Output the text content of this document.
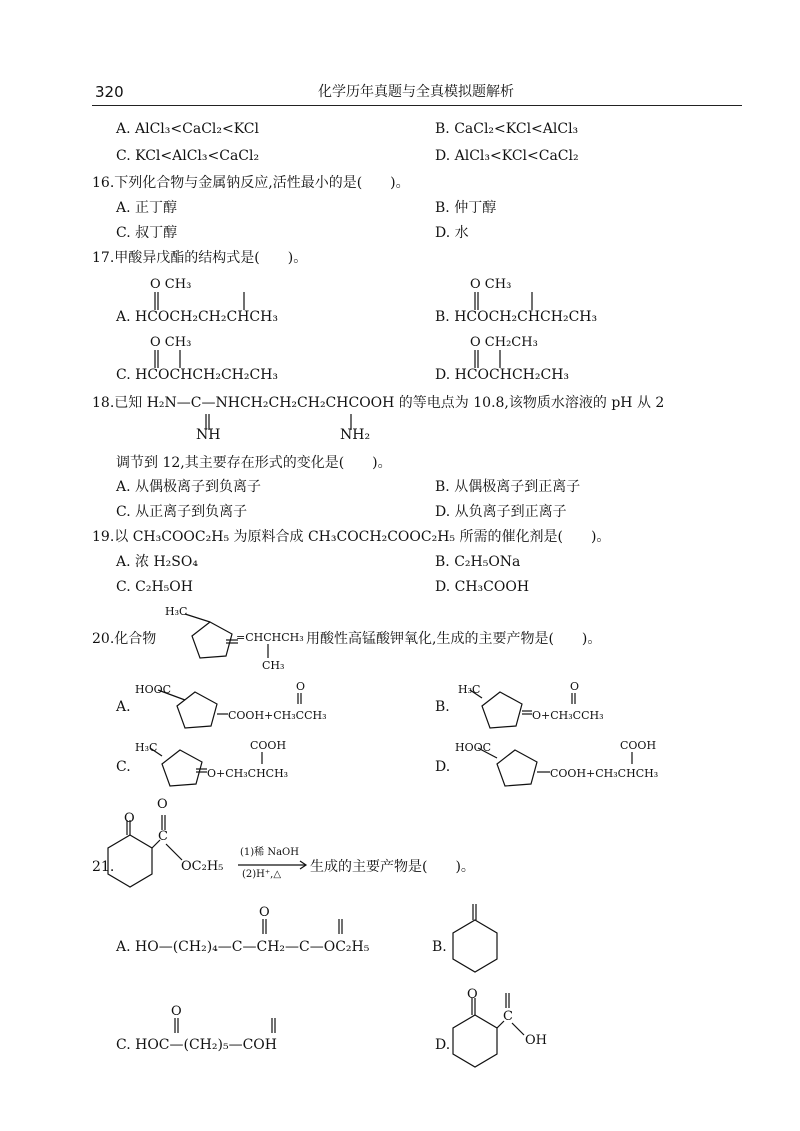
320	化学历年真题与全真模拟题解析
A. AlCl₃<CaCl₂<KCl	B. CaCl₂<KCl<AlCl₃
C. KCl<AlCl₃<CaCl₂	D. AlCl₃<KCl<CaCl₂
16.下列化合物与金属钠反应,活性最小的是(　　)。
A. 正丁醇	B. 仲丁醇
C. 叔丁醇	D. 水
17.甲酸异戊酯的结构式是(　　)。
O CH₃
A. HCOCH₂CH₂CHCH₃
O CH₃
B. HCOCH₂CHCH₂CH₃
O CH₃
C. HCOCHCH₂CH₂CH₃
O CH₂CH₃
D. HCOCHCH₂CH₃
18.已知 H₂N—C—NHCH₂CH₂CH₂CHCOOH 的等电点为 10.8,该物质水溶液的 pH 从 2
NH	NH₂
调节到 12,其主要存在形式的变化是(　　)。
A. 从偶极离子到负离子	B. 从偶极离子到正离子
C. 从正离子到负离子	D. 从负离子到正离子
19.以 CH₃COOC₂H₅ 为原料合成 CH₃COCH₂COOC₂H₅ 所需的催化剂是(　　)。
A. 浓 H₂SO₄	B. C₂H₅ONa
C. C₂H₅OH	D. CH₃COOH
20.化合物
H₃C
=CHCHCH₃
CH₃
用酸性高锰酸钾氧化,生成的主要产物是(　　)。
A.
HOOC
COOH+CH₃CCH₃
O
B.
H₃C
O+CH₃CCH₃
O
C.
H₃C
O+CH₃CHCH₃
COOH
D.
HOOC
COOH+CH₃CHCH₃
COOH
21.
O
O
C
OC₂H₅
(1)稀 NaOH
(2)H⁺,△ 生成的主要产物是(　　)。
O
A. HO—(CH₂)₄—C—CH₂—C—OC₂H₅	B.
O
C. HOC—(CH₂)₅—COH	D.
O
C
OH
